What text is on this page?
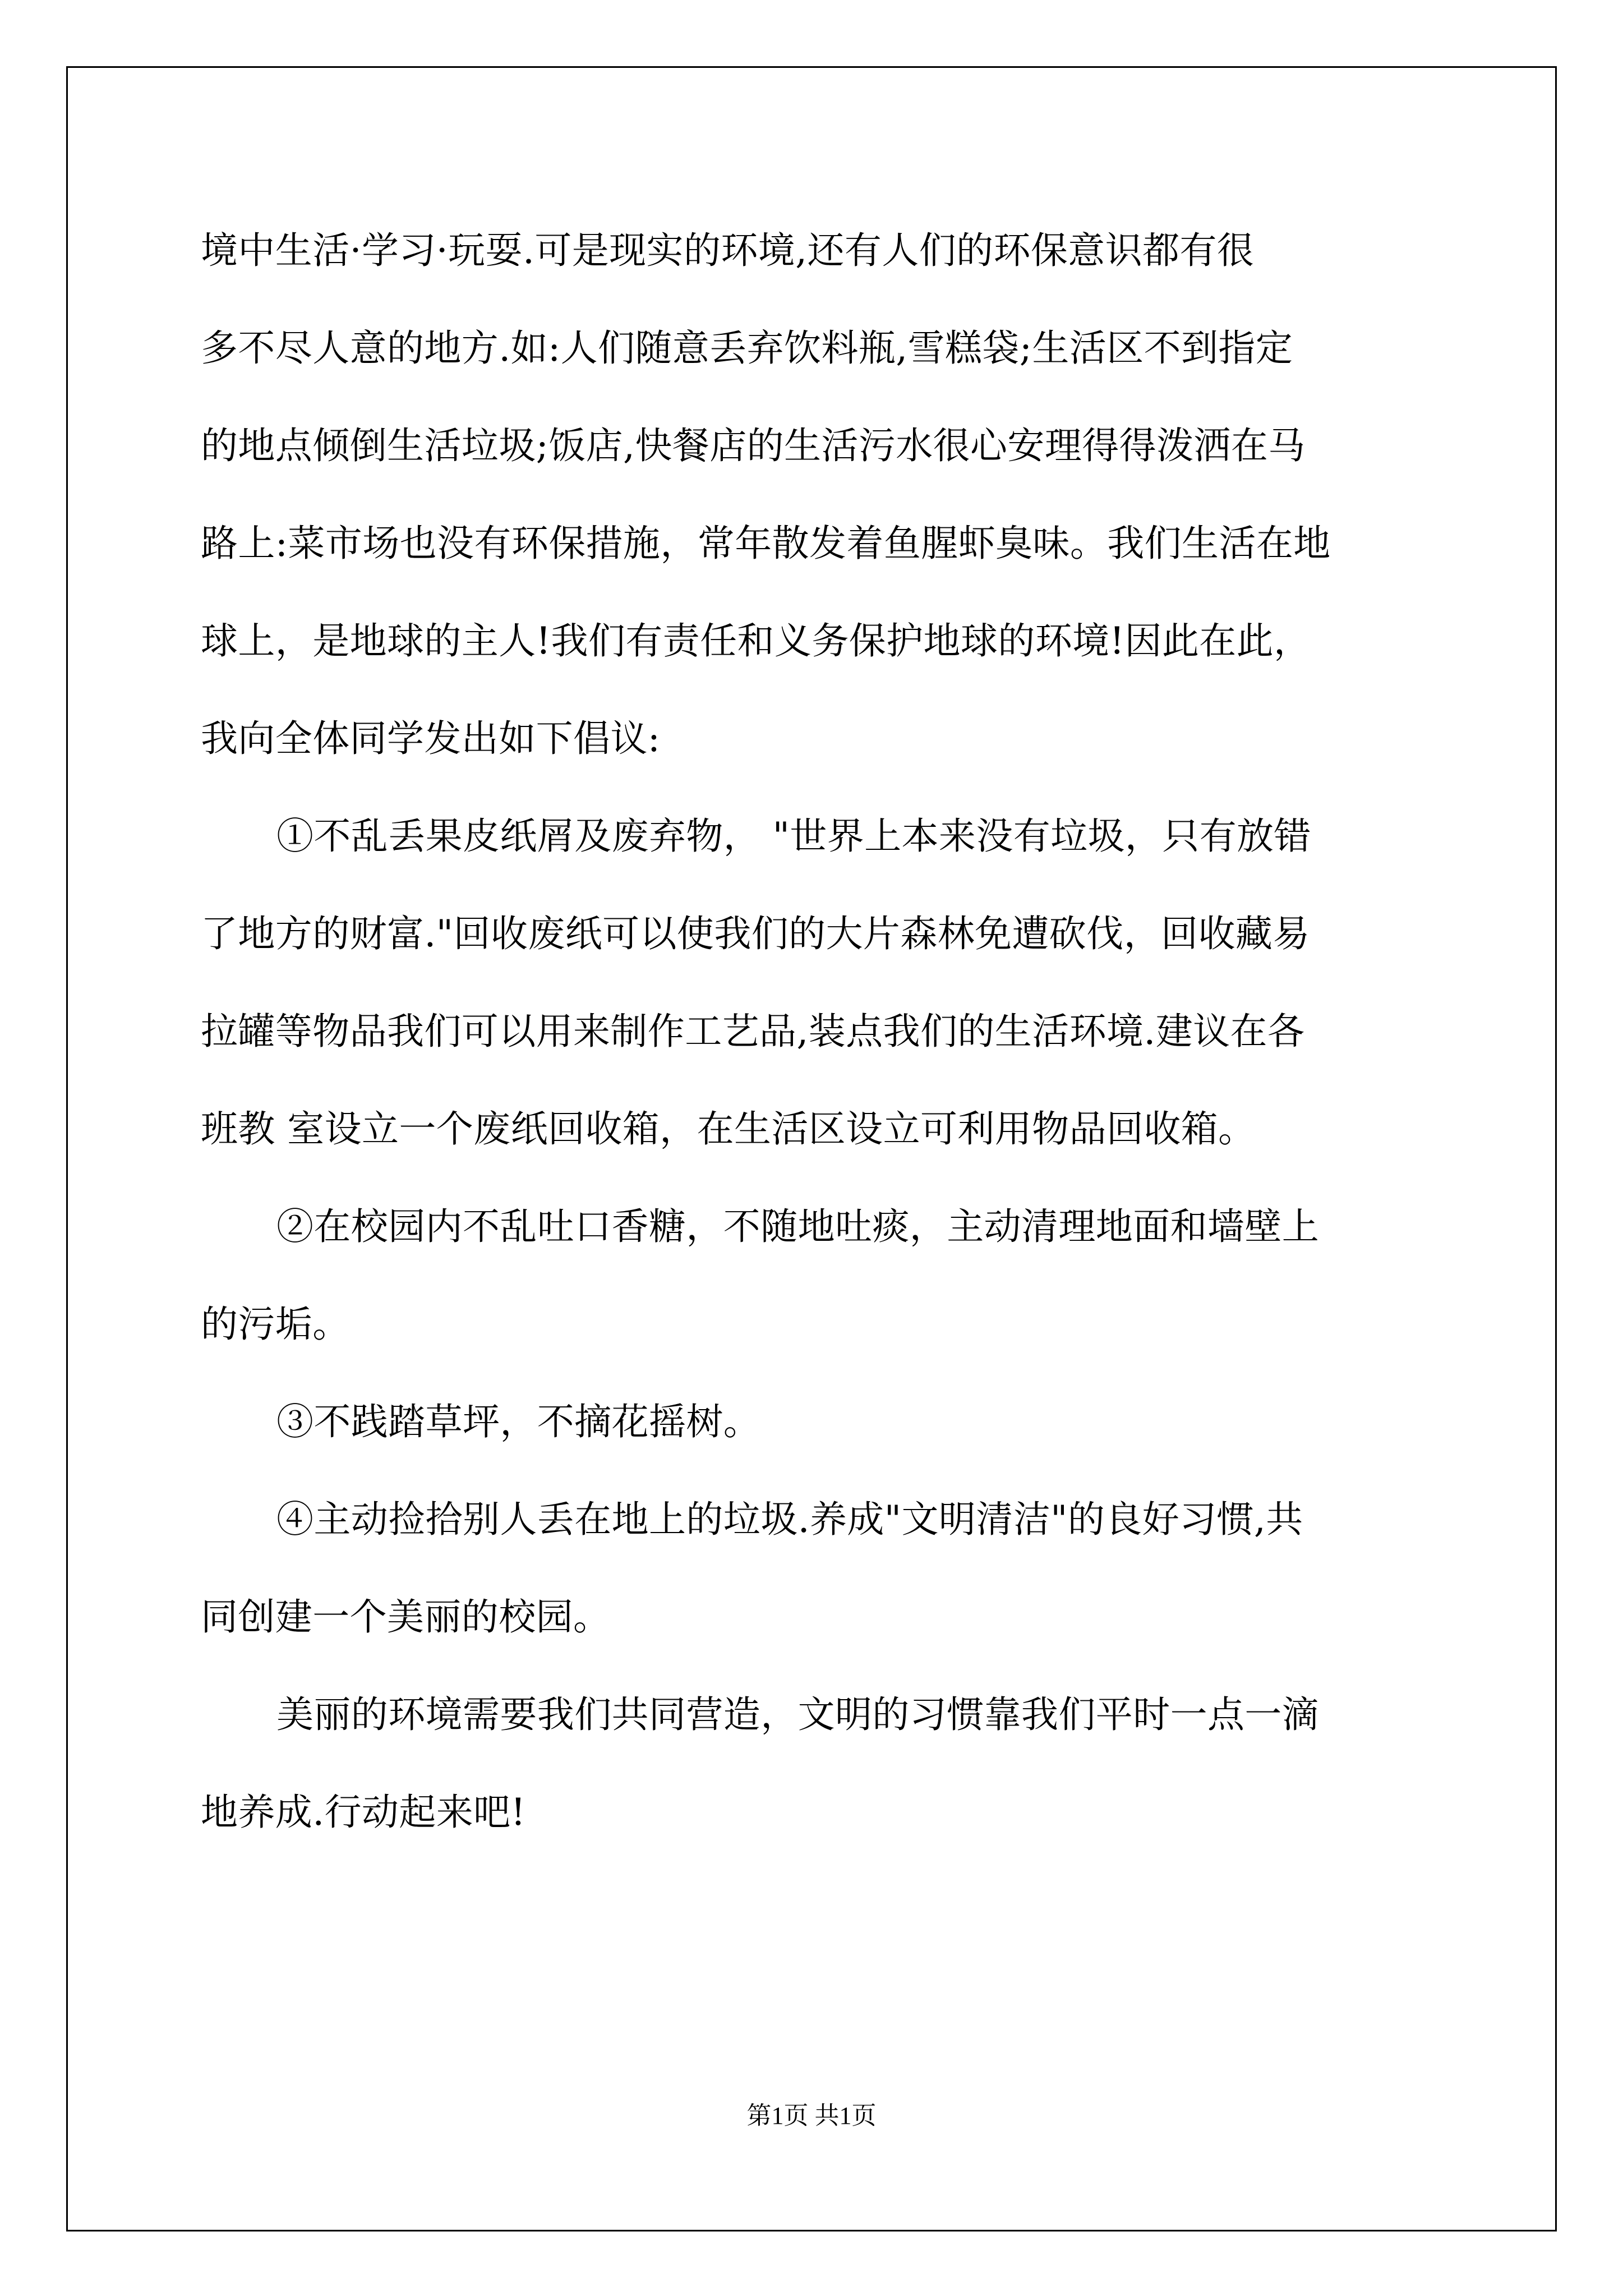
境中生活·学习·玩耍.可是现实的环境,还有人们的环保意识都有很
多不尽人意的地方.如:人们随意丢弃饮料瓶,雪糕袋;生活区不到指定
的地点倾倒生活垃圾;饭店,快餐店的生活污水很心安理得得泼洒在马
路上:菜市场也没有环保措施，常年散发着鱼腥虾臭味。我们生活在地
球上，是地球的主人!我们有责任和义务保护地球的环境!因此在此，
我向全体同学发出如下倡议:
①不乱丢果皮纸屑及废弃物， "世界上本来没有垃圾，只有放错
了地方的财富."回收废纸可以使我们的大片森林免遭砍伐，回收藏易
拉罐等物品我们可以用来制作工艺品,装点我们的生活环境.建议在各
班教 室设立一个废纸回收箱，在生活区设立可利用物品回收箱。
②在校园内不乱吐口香糖，不随地吐痰，主动清理地面和墙壁上
的污垢。
③不践踏草坪，不摘花摇树。
④主动捡拾别人丢在地上的垃圾.养成"文明清洁"的良好习惯,共
同创建一个美丽的校园。
美丽的环境需要我们共同营造，文明的习惯靠我们平时一点一滴
地养成.行动起来吧!
第1页 共1页
